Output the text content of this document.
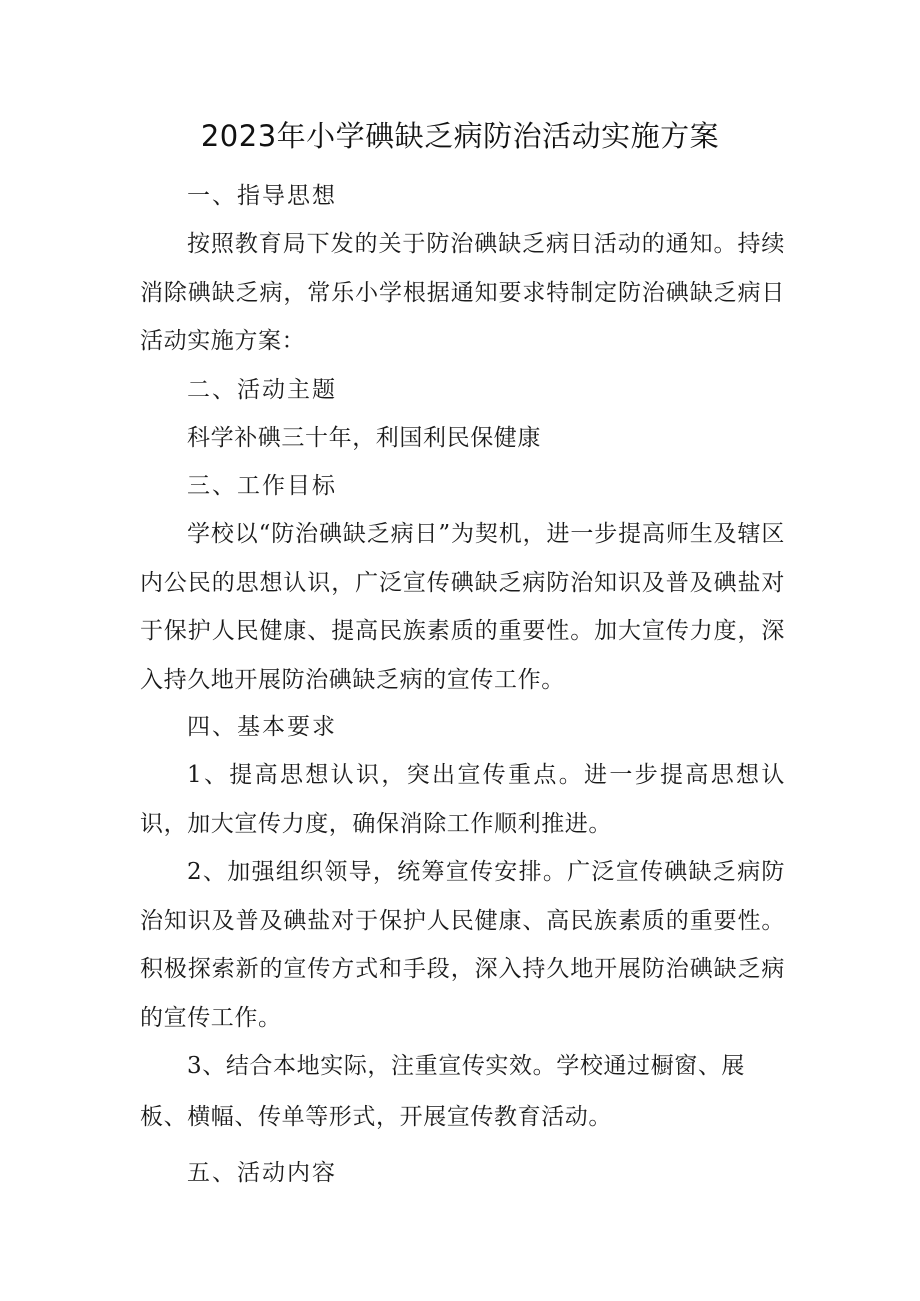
2023年小学碘缺乏病防治活动实施方案

一、指导思想

按照教育局下发的关于防治碘缺乏病日活动的通知。持续消除碘缺乏病，常乐小学根据通知要求特制定防治碘缺乏病日活动实施方案：

二、活动主题

科学补碘三十年，利国利民保健康

三、工作目标

学校以“防治碘缺乏病日”为契机，进一步提高师生及辖区内公民的思想认识，广泛宣传碘缺乏病防治知识及普及碘盐对于保护人民健康、提高民族素质的重要性。加大宣传力度，深入持久地开展防治碘缺乏病的宣传工作。

四、基本要求

1、提高思想认识，突出宣传重点。进一步提高思想认识，加大宣传力度，确保消除工作顺利推进。

2、加强组织领导，统筹宣传安排。广泛宣传碘缺乏病防治知识及普及碘盐对于保护人民健康、高民族素质的重要性。积极探索新的宣传方式和手段，深入持久地开展防治碘缺乏病的宣传工作。

3、结合本地实际，注重宣传实效。学校通过橱窗、展

板、横幅、传单等形式，开展宣传教育活动。

五、活动内容
